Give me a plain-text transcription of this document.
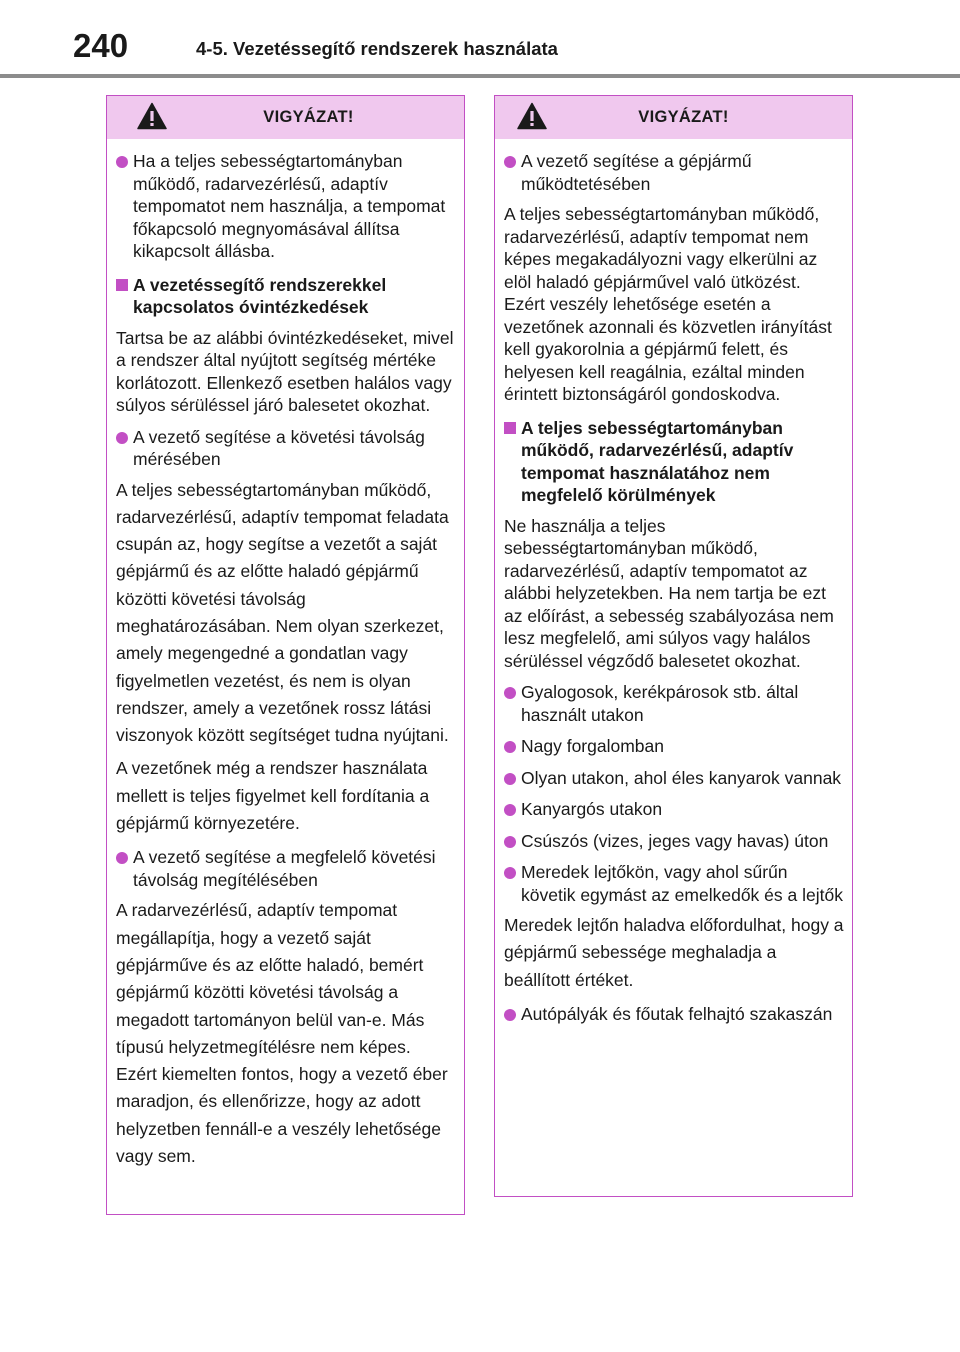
240	4-5. Vezetéssegítő rendszerek használata
VIGYÁZAT!
Ha a teljes sebességtartományban működő, radarvezérlésű, adaptív tempomatot nem használja, a tempomat főkapcsoló megnyomásával állítsa kikapcsolt állásba.
A vezetéssegítő rendszerekkel kapcsolatos óvintézkedések
Tartsa be az alábbi óvintézkedéseket, mivel a rendszer által nyújtott segítség mértéke korlátozott. Ellenkező esetben halálos vagy súlyos sérüléssel járó balesetet okozhat.
A vezető segítése a követési távolság mérésében
A teljes sebességtartományban működő, radarvezérlésű, adaptív tempomat feladata csupán az, hogy segítse a vezetőt a saját gépjármű és az előtte haladó gépjármű közötti követési távolság meghatározásában. Nem olyan szerkezet, amely megengedné a gondatlan vagy figyelmetlen vezetést, és nem is olyan rendszer, amely a vezetőnek rossz látási viszonyok között segítséget tudna nyújtani.
A vezetőnek még a rendszer használata mellett is teljes figyelmet kell fordítania a gépjármű környezetére.
A vezető segítése a megfelelő követési távolság megítélésében
A radarvezérlésű, adaptív tempomat megállapítja, hogy a vezető saját gépjárműve és az előtte haladó, bemért gépjármű közötti követési távolság a megadott tartományon belül van-e. Más típusú helyzetmegítélésre nem képes. Ezért kiemelten fontos, hogy a vezető éber maradjon, és ellenőrizze, hogy az adott helyzetben fennáll-e a veszély lehetősége vagy sem.
VIGYÁZAT!
A vezető segítése a gépjármű működtetésében
A teljes sebességtartományban működő, radarvezérlésű, adaptív tempomat nem képes megakadályozni vagy elkerülni az elöl haladó gépjárművel való ütközést. Ezért veszély lehetősége esetén a vezetőnek azonnali és közvetlen irányítást kell gyakorolnia a gépjármű felett, és helyesen kell reagálnia, ezáltal minden érintett biztonságáról gondoskodva.
A teljes sebességtartományban működő, radarvezérlésű, adaptív tempomat használatához nem megfelelő körülmények
Ne használja a teljes sebességtartományban működő, radarvezérlésű, adaptív tempomatot az alábbi helyzetekben. Ha nem tartja be ezt az előírást, a sebesség szabályozása nem lesz megfelelő, ami súlyos vagy halálos sérüléssel végződő balesetet okozhat.
Gyalogosok, kerékpárosok stb. által használt utakon
Nagy forgalomban
Olyan utakon, ahol éles kanyarok vannak
Kanyargós utakon
Csúszós (vizes, jeges vagy havas) úton
Meredek lejtőkön, vagy ahol sűrűn követik egymást az emelkedők és a lejtők
Meredek lejtőn haladva előfordulhat, hogy a gépjármű sebessége meghaladja a beállított értéket.
Autópályák és főutak felhajtó szakaszán
